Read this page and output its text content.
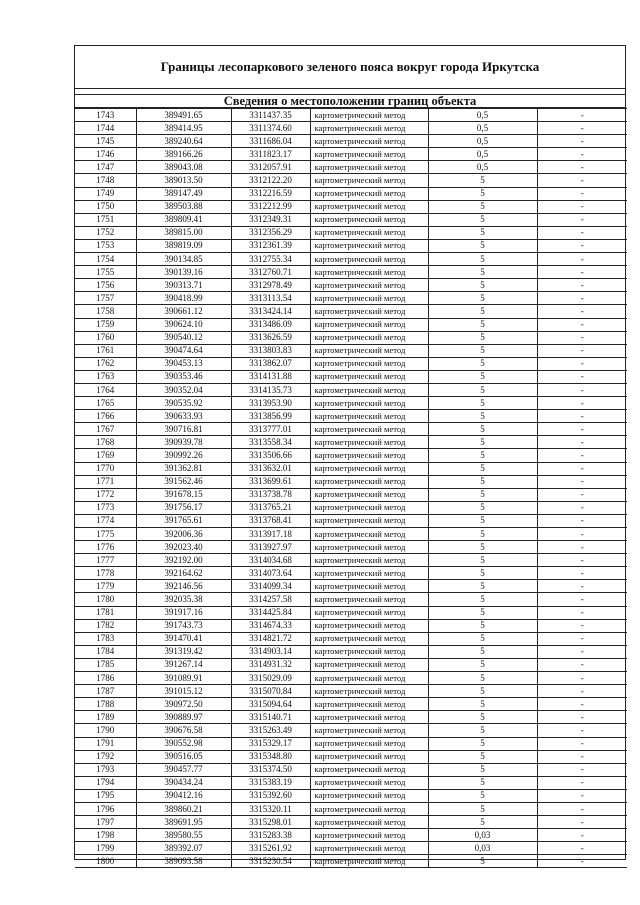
Границы лесопаркового зеленого пояса вокруг города Иркутска
Сведения о местоположении границ объекта
1743	389491.65	3311437.35	картометрический метод	0,5	-
1744	389414.95	3311374.60	картометрический метод	0,5	-
1745	389240.64	3311686.04	картометрический метод	0,5	-
1746	389166.26	3311823.17	картометрический метод	0,5	-
1747	389043.08	3312057.91	картометрический метод	0,5	-
1748	389013.50	3312122.20	картометрический метод	5	-
1749	389147.49	3312216.59	картометрический метод	5	-
1750	389503.88	3312212.99	картометрический метод	5	-
1751	389809.41	3312349.31	картометрический метод	5	-
1752	389815.00	3312356.29	картометрический метод	5	-
1753	389819.09	3312361.39	картометрический метод	5	-
1754	390134.85	3312755.34	картометрический метод	5	-
1755	390139.16	3312760.71	картометрический метод	5	-
1756	390313.71	3312978.49	картометрический метод	5	-
1757	390418.99	3313113.54	картометрический метод	5	-
1758	390661.12	3313424.14	картометрический метод	5	-
1759	390624.10	3313486.09	картометрический метод	5	-
1760	390540.12	3313626.59	картометрический метод	5	-
1761	390474.64	3313803.83	картометрический метод	5	-
1762	390453.13	3313862.07	картометрический метод	5	-
1763	390353.46	3314131.88	картометрический метод	5	-
1764	390352.04	3314135.73	картометрический метод	5	-
1765	390535.92	3313953.90	картометрический метод	5	-
1766	390633.93	3313856.99	картометрический метод	5	-
1767	390716.81	3313777.01	картометрический метод	5	-
1768	390939.78	3313558.34	картометрический метод	5	-
1769	390992.26	3313506.66	картометрический метод	5	-
1770	391362.81	3313632.01	картометрический метод	5	-
1771	391562.46	3313699.61	картометрический метод	5	-
1772	391678.15	3313738.78	картометрический метод	5	-
1773	391756.17	3313765.21	картометрический метод	5	-
1774	391765.61	3313768.41	картометрический метод	5	-
1775	392006.36	3313917.18	картометрический метод	5	-
1776	392023.40	3313927.97	картометрический метод	5	-
1777	392192.00	3314034.68	картометрический метод	5	-
1778	392164.62	3314073.64	картометрический метод	5	-
1779	392146.56	3314099.34	картометрический метод	5	-
1780	392035.38	3314257.58	картометрический метод	5	-
1781	391917.16	3314425.84	картометрический метод	5	-
1782	391743.73	3314674.33	картометрический метод	5	-
1783	391470.41	3314821.72	картометрический метод	5	-
1784	391319.42	3314903.14	картометрический метод	5	-
1785	391267.14	3314931.32	картометрический метод	5	-
1786	391089.91	3315029.09	картометрический метод	5	-
1787	391015.12	3315070.84	картометрический метод	5	-
1788	390972.50	3315094.64	картометрический метод	5	-
1789	390889.97	3315140.71	картометрический метод	5	-
1790	390676.58	3315263.49	картометрический метод	5	-
1791	390552.98	3315329.17	картометрический метод	5	-
1792	390516.05	3315348.80	картометрический метод	5	-
1793	390457.77	3315374.50	картометрический метод	5	-
1794	390434.24	3315383.19	картометрический метод	5	-
1795	390412.16	3315392.60	картометрический метод	5	-
1796	389860.21	3315320.11	картометрический метод	5	-
1797	389691.95	3315298.01	картометрический метод	5	-
1798	389580.55	3315283.38	картометрический метод	0,03	-
1799	389392.07	3315261.92	картометрический метод	0,03	-
1800	389093.58	3315230.54	картометрический метод	5	-
